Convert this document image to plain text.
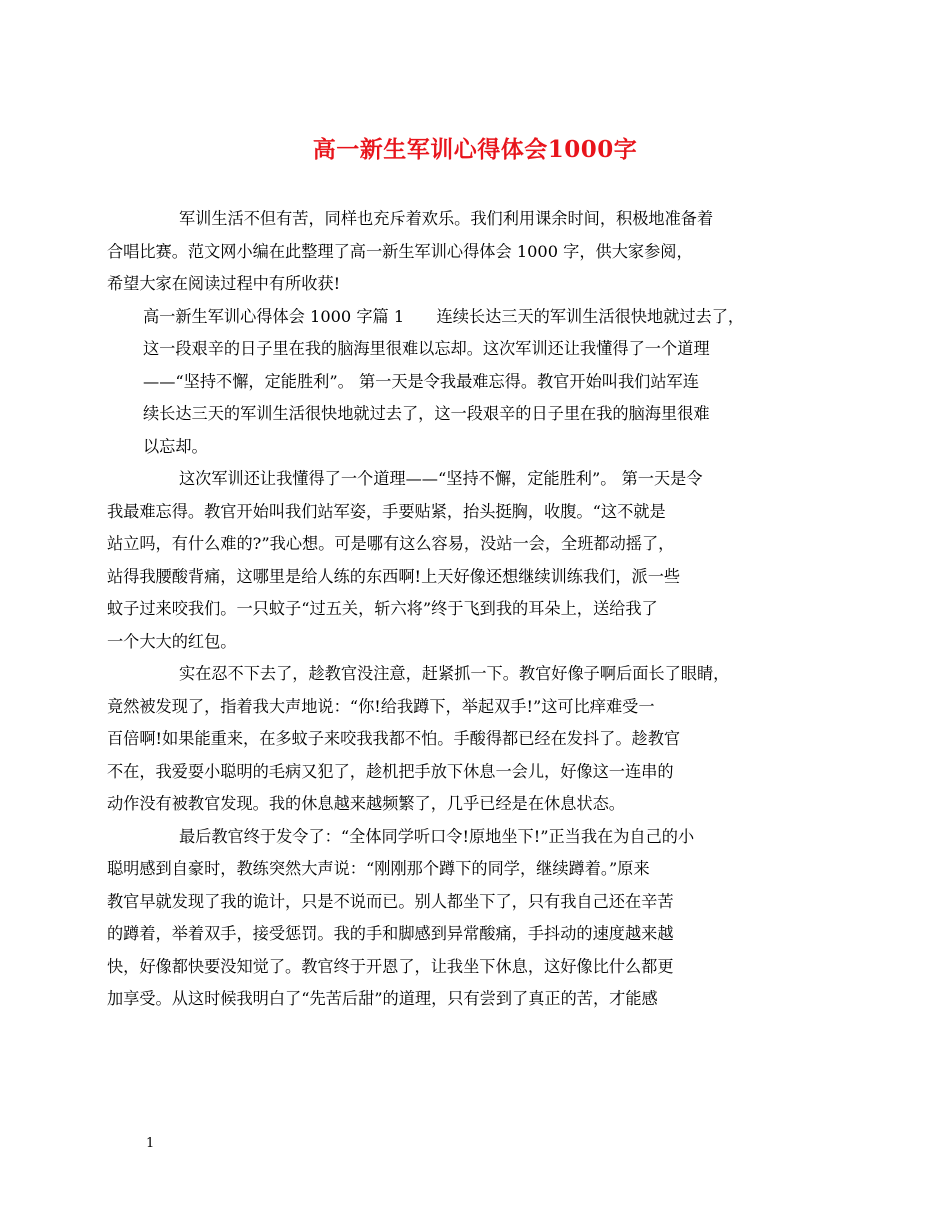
高一新生军训心得体会1000字

军训生活不但有苦，同样也充斥着欢乐。我们利用课余时间，积极地准备着
合唱比赛。范文网小编在此整理了高一新生军训心得体会 1000 字，供大家参阅，
希望大家在阅读过程中有所收获!

高一新生军训心得体会 1000 字篇 1　　连续长达三天的军训生活很快地就过去了，
这一段艰辛的日子里在我的脑海里很难以忘却。这次军训还让我懂得了一个道理
——“坚持不懈，定能胜利”。 第一天是令我最难忘得。教官开始叫我们站军连
续长达三天的军训生活很快地就过去了，这一段艰辛的日子里在我的脑海里很难
以忘却。

这次军训还让我懂得了一个道理——“坚持不懈，定能胜利”。 第一天是令
我最难忘得。教官开始叫我们站军姿，手要贴紧，抬头挺胸，收腹。“这不就是
站立吗，有什么难的?”我心想。可是哪有这么容易，没站一会，全班都动摇了，
站得我腰酸背痛，这哪里是给人练的东西啊!上天好像还想继续训练我们，派一些
蚊子过来咬我们。一只蚊子“过五关，斩六将”终于飞到我的耳朵上，送给我了
一个大大的红包。

实在忍不下去了，趁教官没注意，赶紧抓一下。教官好像子啊后面长了眼睛，
竟然被发现了，指着我大声地说：“你!给我蹲下，举起双手!”这可比痒难受一
百倍啊!如果能重来，在多蚊子来咬我我都不怕。手酸得都已经在发抖了。趁教官
不在，我爱耍小聪明的毛病又犯了，趁机把手放下休息一会儿，好像这一连串的
动作没有被教官发现。我的休息越来越频繁了，几乎已经是在休息状态。

最后教官终于发令了：“全体同学听口令!原地坐下!”正当我在为自己的小
聪明感到自豪时，教练突然大声说：“刚刚那个蹲下的同学，继续蹲着。”原来
教官早就发现了我的诡计，只是不说而已。别人都坐下了，只有我自己还在辛苦
的蹲着，举着双手，接受惩罚。我的手和脚感到异常酸痛，手抖动的速度越来越
快，好像都快要没知觉了。教官终于开恩了，让我坐下休息，这好像比什么都更
加享受。从这时候我明白了“先苦后甜”的道理，只有尝到了真正的苦，才能感

1
